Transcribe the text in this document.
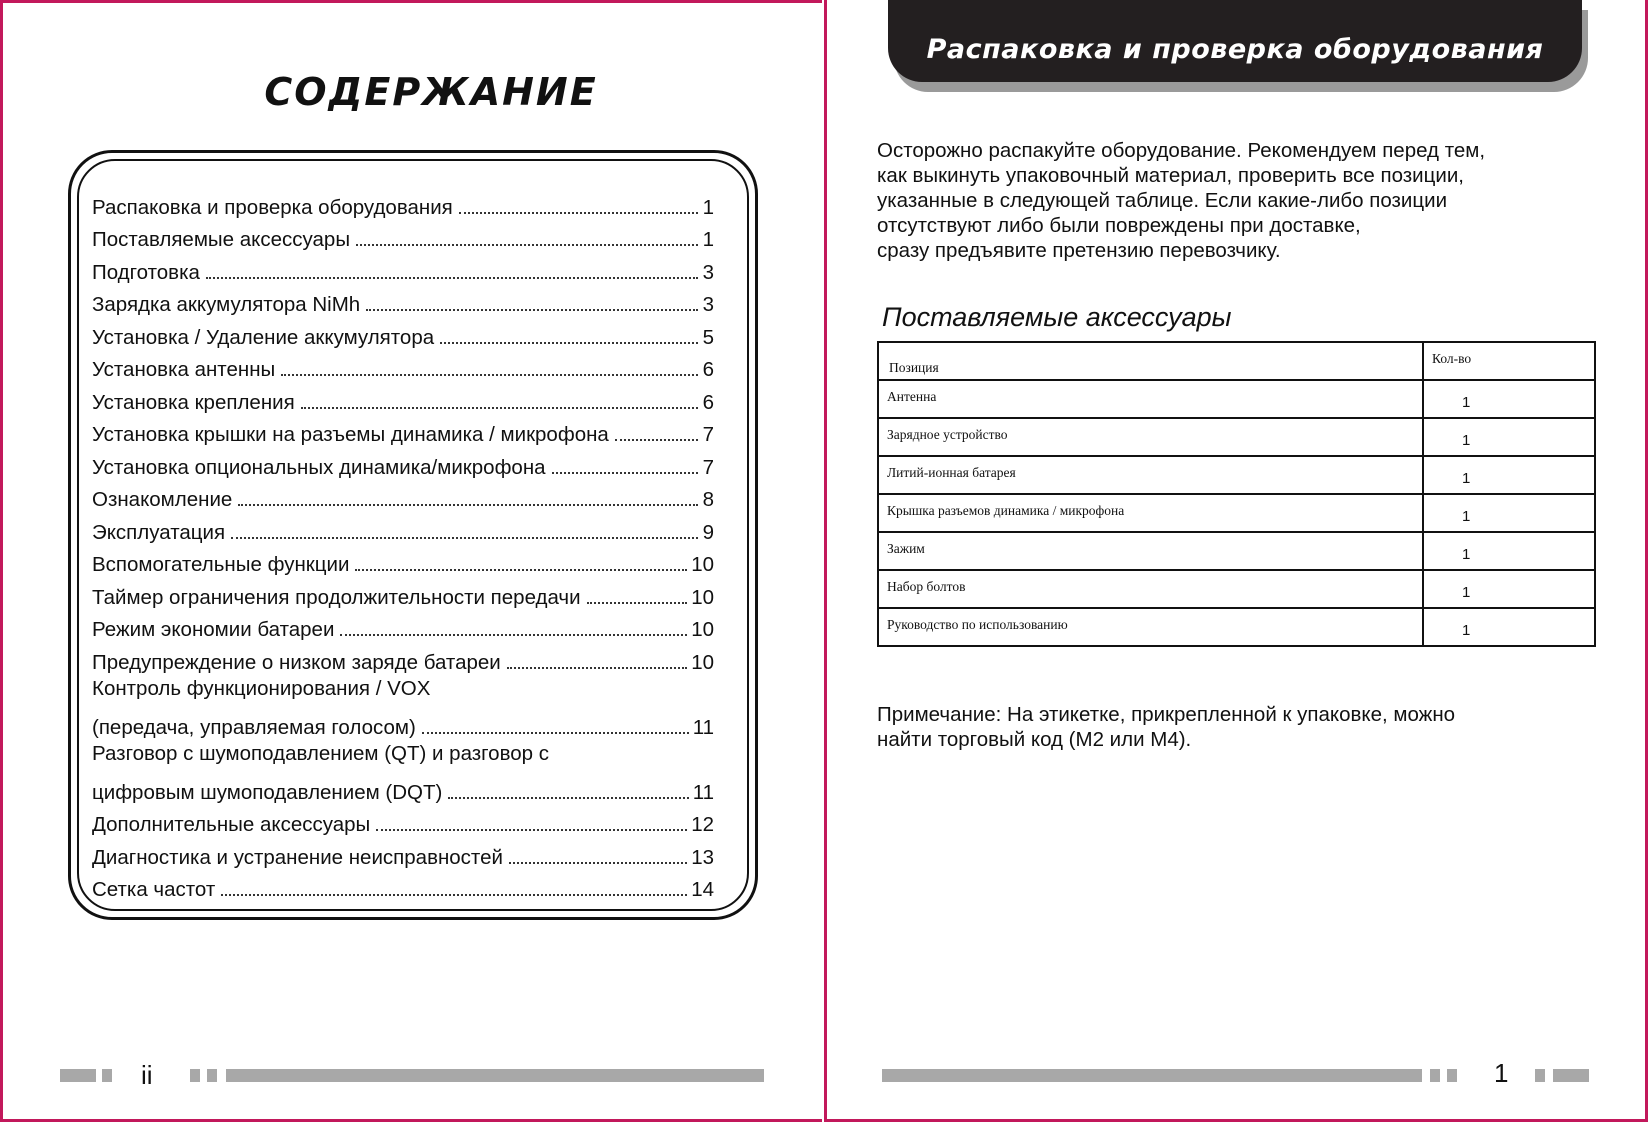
СОДЕРЖАНИЕ
Распаковка и проверка оборудования	1
Поставляемые аксессуары	1
Подготовка	3
Зарядка аккумулятора NiMh	3
Установка / Удаление аккумулятора	5
Установка антенны	6
Установка крепления	6
Установка крышки на разъемы динамика / микрофона	7
Установка опциональных динамика/микрофона	7
Ознакомление	8
Эксплуатация	9
Вспомогательные функции	10
Таймер ограничения продолжительности передачи	10
Режим экономии батареи	10
Предупреждение о низком заряде батареи	10
Контроль функционирования / VOX
(передача, управляемая голосом)	11
Разговор с шумоподавлением (QT) и разговор с
цифровым шумоподавлением (DQT)	11
Дополнительные аксессуары	12
Диагностика и устранение неисправностей	13
Сетка частот	14
ii
Распаковка и проверка оборудования

Осторожно распакуйте оборудование. Рекомендуем перед тем,

как выкинуть упаковочный материал, проверить все позиции,

указанные в следующей таблице. Если какие-либо позиции

отсутствуют либо были повреждены при доставке,

сразу предъявите претензию перевозчику.

Поставляемые аксессуары
Позиция	Кол-во
Антенна	1
Зарядное устройство	1
Литий-ионная батарея	1
Крышка разъемов динамика / микрофона	1
Зажим	1
Набор болтов	1
Руководство по использованию	1

Примечание: На этикетке, прикрепленной к упаковке, можно

найти торговый код (M2 или M4).

1
